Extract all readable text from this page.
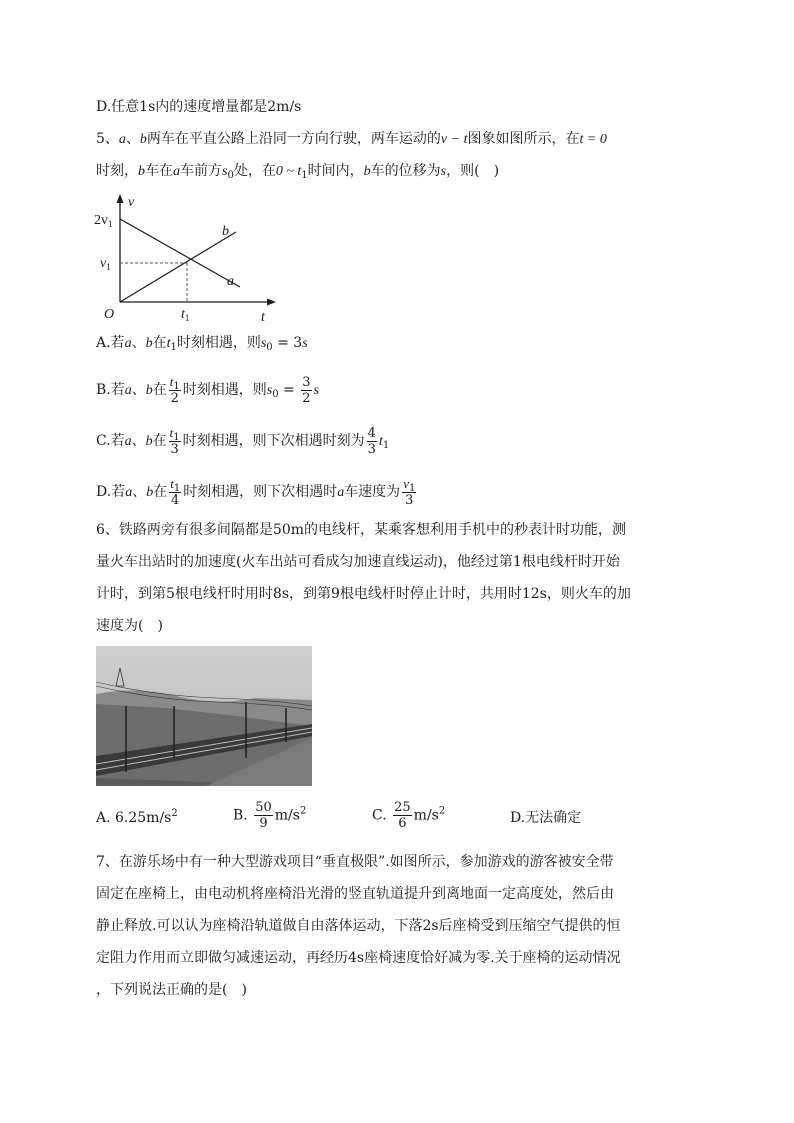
D.任意1s内的速度增量都是2m/s
5、a、b两车在平直公路上沿同一方向行驶，两车运动的v − t图象如图所示，在t = 0
时刻，b车在a车前方$s_0$处，在0 ~ $t_1$时间内，b车的位移为s，则(　)
v
t
O
$2v_1$
$v_1$
$t_1$
b
a
A.若a、b在$t_1$时刻相遇，则$s_0 = 3s$
B.若a、b在 $\frac{t_1}{2}$ 时刻相遇，则$s_0 = \frac{3}{2}$ s
C.若a、b在 $\frac{t_1}{3}$ 时刻相遇，则下次相遇时刻为 $\frac{4}{3} t_1$
D.若a、b在 $\frac{t_1}{4}$ 时刻相遇，则下次相遇时a车速度为 $\frac{v_1}{3}$
6、铁路两旁有很多间隔都是50m的电线杆，某乘客想利用手机中的秒表计时功能，测
量火车出站时的加速度(火车出站可看成匀加速直线运动)，他经过第1根电线杆时开始
计时，到第5根电线杆时用时8s，到第9根电线杆时停止计时，共用时12s，则火车的加
速度为(　)
A. $6.25m/s^2$	B. $\frac{50}{9} m/s^2$	C. $\frac{25}{6} m/s^2$	D.无法确定
7、在游乐场中有一种大型游戏项目“垂直极限”.如图所示，参加游戏的游客被安全带
固定在座椅上，由电动机将座椅沿光滑的竖直轨道提升到离地面一定高度处，然后由
静止释放.可以认为座椅沿轨道做自由落体运动，下落2s后座椅受到压缩空气提供的恒
定阻力作用而立即做匀减速运动，再经历4s座椅速度恰好减为零.关于座椅的运动情况
，下列说法正确的是(　)
